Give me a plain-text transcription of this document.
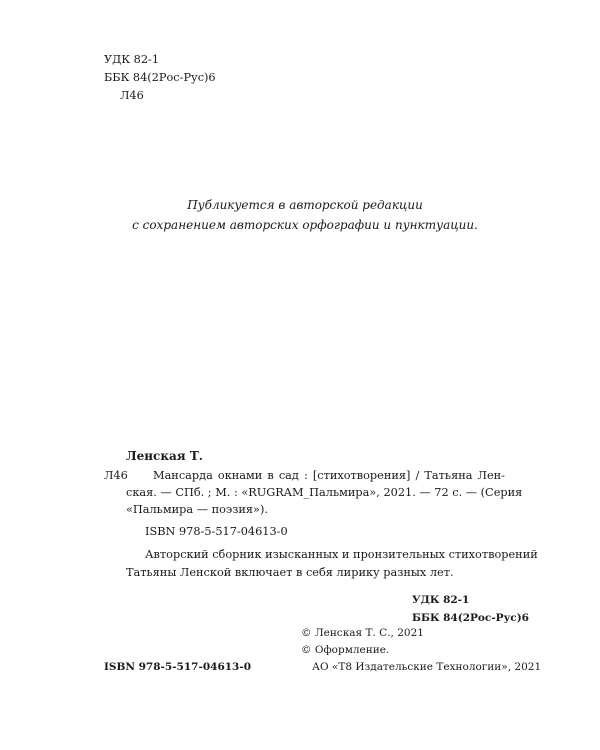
УДК 82-1
ББК 84(2Рос-Рус)6
Л46
Публикуется в авторской редакции
с сохранением авторских орфографии и пунктуации.
Ленская Т.
Л46 Мансарда окнами в сад : [стихотворения] / Татьяна Лен-
ская. — СПб. ; М. : «RUGRAM_Пальмира», 2021. — 72 с. — (Серия
«Пальмира — поэзия»).
ISBN 978-5-517-04613-0
Авторский сборник изысканных и пронзительных стихотворений
Татьяны Ленской включает в себя лирику разных лет.
УДК 82-1
ББК 84(2Рос-Рус)6
© Ленская Т. С., 2021
© Оформление.
АО «Т8 Издательские Технологии», 2021
ISBN 978-5-517-04613-0
